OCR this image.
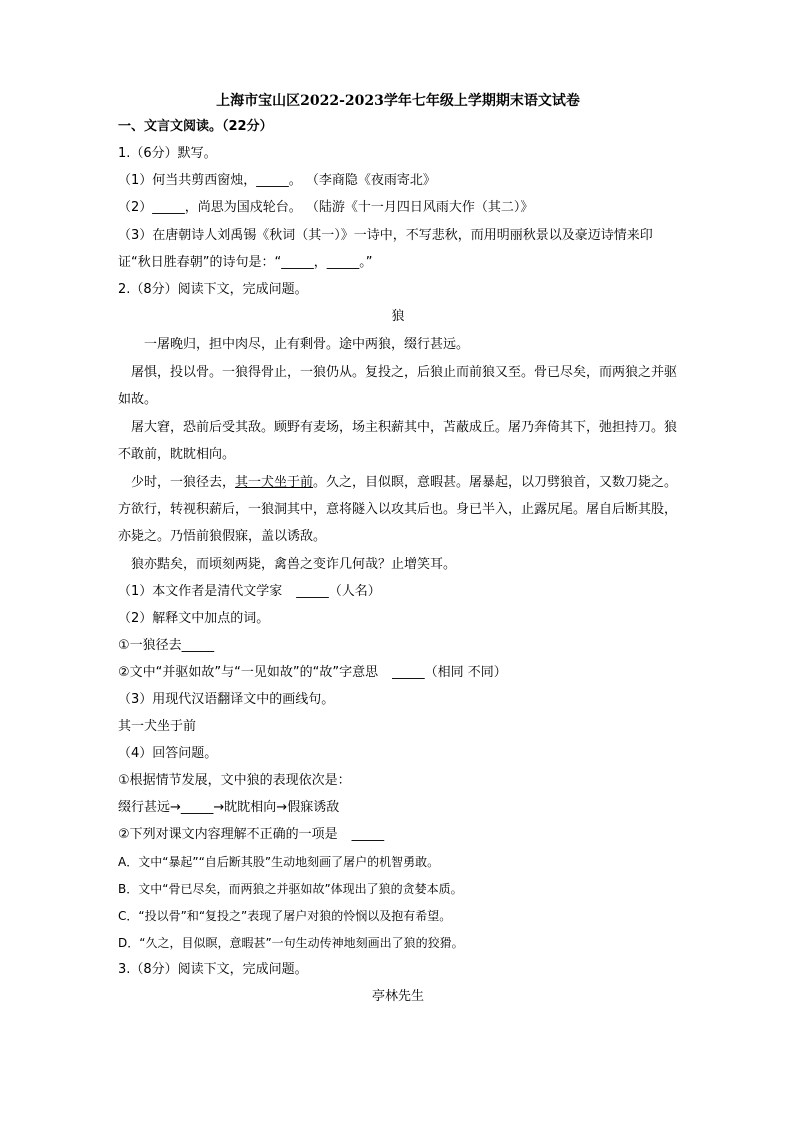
上海市宝山区2022-2023学年七年级上学期期末语文试卷
一、文言文阅读。（22分）
1.（6分）默写。
（1）何当共剪西窗烛，_____。 （李商隐《夜雨寄北》
（2）_____，尚思为国戍轮台。 （陆游《十一月四日风雨大作（其二）》
（3）在唐朝诗人刘禹锡《秋词（其一）》一诗中，不写悲秋，而用明丽秋景以及豪迈诗情来印证“秋日胜春朝”的诗句是：“_____，_____。”
2.（8分）阅读下文，完成问题。
狼
一屠晚归，担中肉尽，止有剩骨。途中两狼，缀行甚远。
屠惧，投以骨。一狼得骨止，一狼仍从。复投之，后狼止而前狼又至。骨已尽矣，而两狼之并驱如故。
屠大窘，恐前后受其敌。顾野有麦场，场主积薪其中，苫蔽成丘。屠乃奔倚其下，弛担持刀。狼不敢前，眈眈相向。
少时，一狼径去，其一犬坐于前。久之，目似瞑，意暇甚。屠暴起，以刀劈狼首，又数刀毙之。方欲行，转视积薪后，一狼洞其中，意将隧入以攻其后也。身已半入，止露尻尾。屠自后断其股，亦毙之。乃悟前狼假寐，盖以诱敌。
狼亦黠矣，而顷刻两毙，禽兽之变诈几何哉？止增笑耳。
（1）本文作者是清代文学家 _____（人名）
（2）解释文中加点的词。
①一狼径去_____
②文中“并驱如故”与“一见如故”的“故”字意思 _____（相同 不同）
（3）用现代汉语翻译文中的画线句。
其一犬坐于前
（4）回答问题。
①根据情节发展，文中狼的表现依次是：
缀行甚远→_____→眈眈相向→假寐诱敌
②下列对课文内容理解不正确的一项是 _____
A．文中“暴起”“自后断其股”生动地刻画了屠户的机智勇敢。
B．文中“骨已尽矣，而两狼之并驱如故”体现出了狼的贪婪本质。
C．“投以骨”和“复投之”表现了屠户对狼的怜悯以及抱有希望。
D．“久之，目似瞑，意暇甚”一句生动传神地刻画出了狼的狡猾。
3.（8分）阅读下文，完成问题。
亭林先生
